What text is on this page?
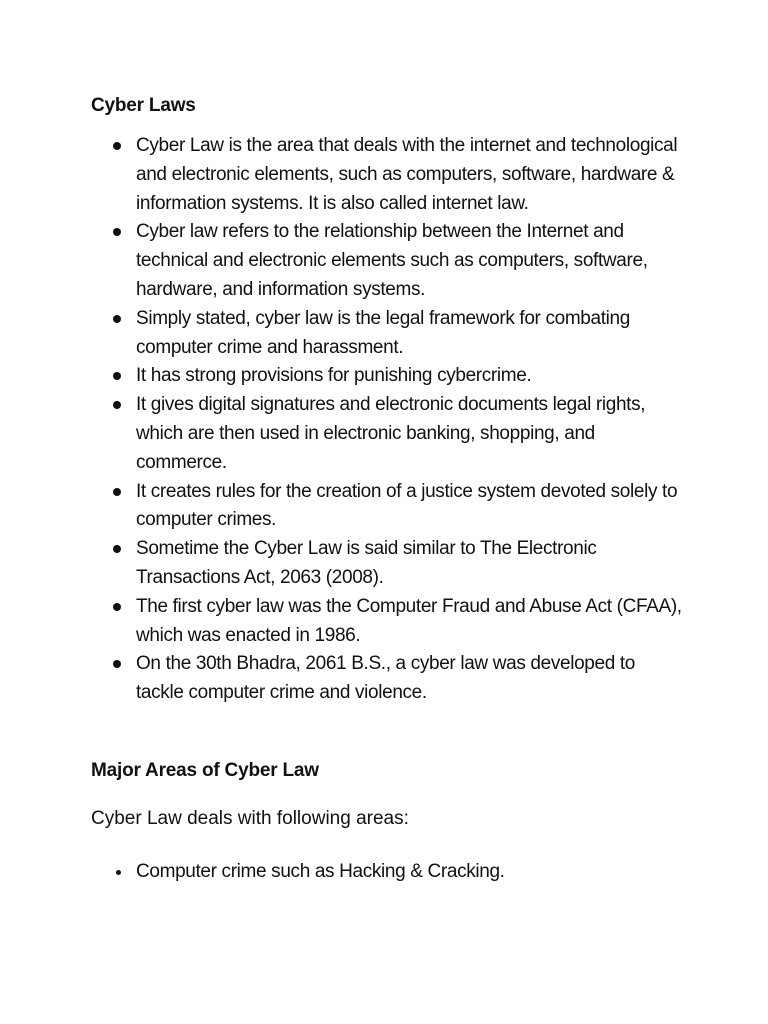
Cyber Laws
Cyber Law is the area that deals with the internet and technological and electronic elements, such as computers, software, hardware & information systems. It is also called internet law.
Cyber law refers to the relationship between the Internet and technical and electronic elements such as computers, software, hardware, and information systems.
Simply stated, cyber law is the legal framework for combating computer crime and harassment.
It has strong provisions for punishing cybercrime.
It gives digital signatures and electronic documents legal rights, which are then used in electronic banking, shopping, and commerce.
It creates rules for the creation of a justice system devoted solely to computer crimes.
Sometime the Cyber Law is said similar to The Electronic Transactions Act, 2063 (2008).
The first cyber law was the Computer Fraud and Abuse Act (CFAA), which was enacted in 1986.
On the 30th Bhadra, 2061 B.S., a cyber law was developed to tackle computer crime and violence.
Major Areas of Cyber Law
Cyber Law deals with following areas:
Computer crime such as Hacking & Cracking.
